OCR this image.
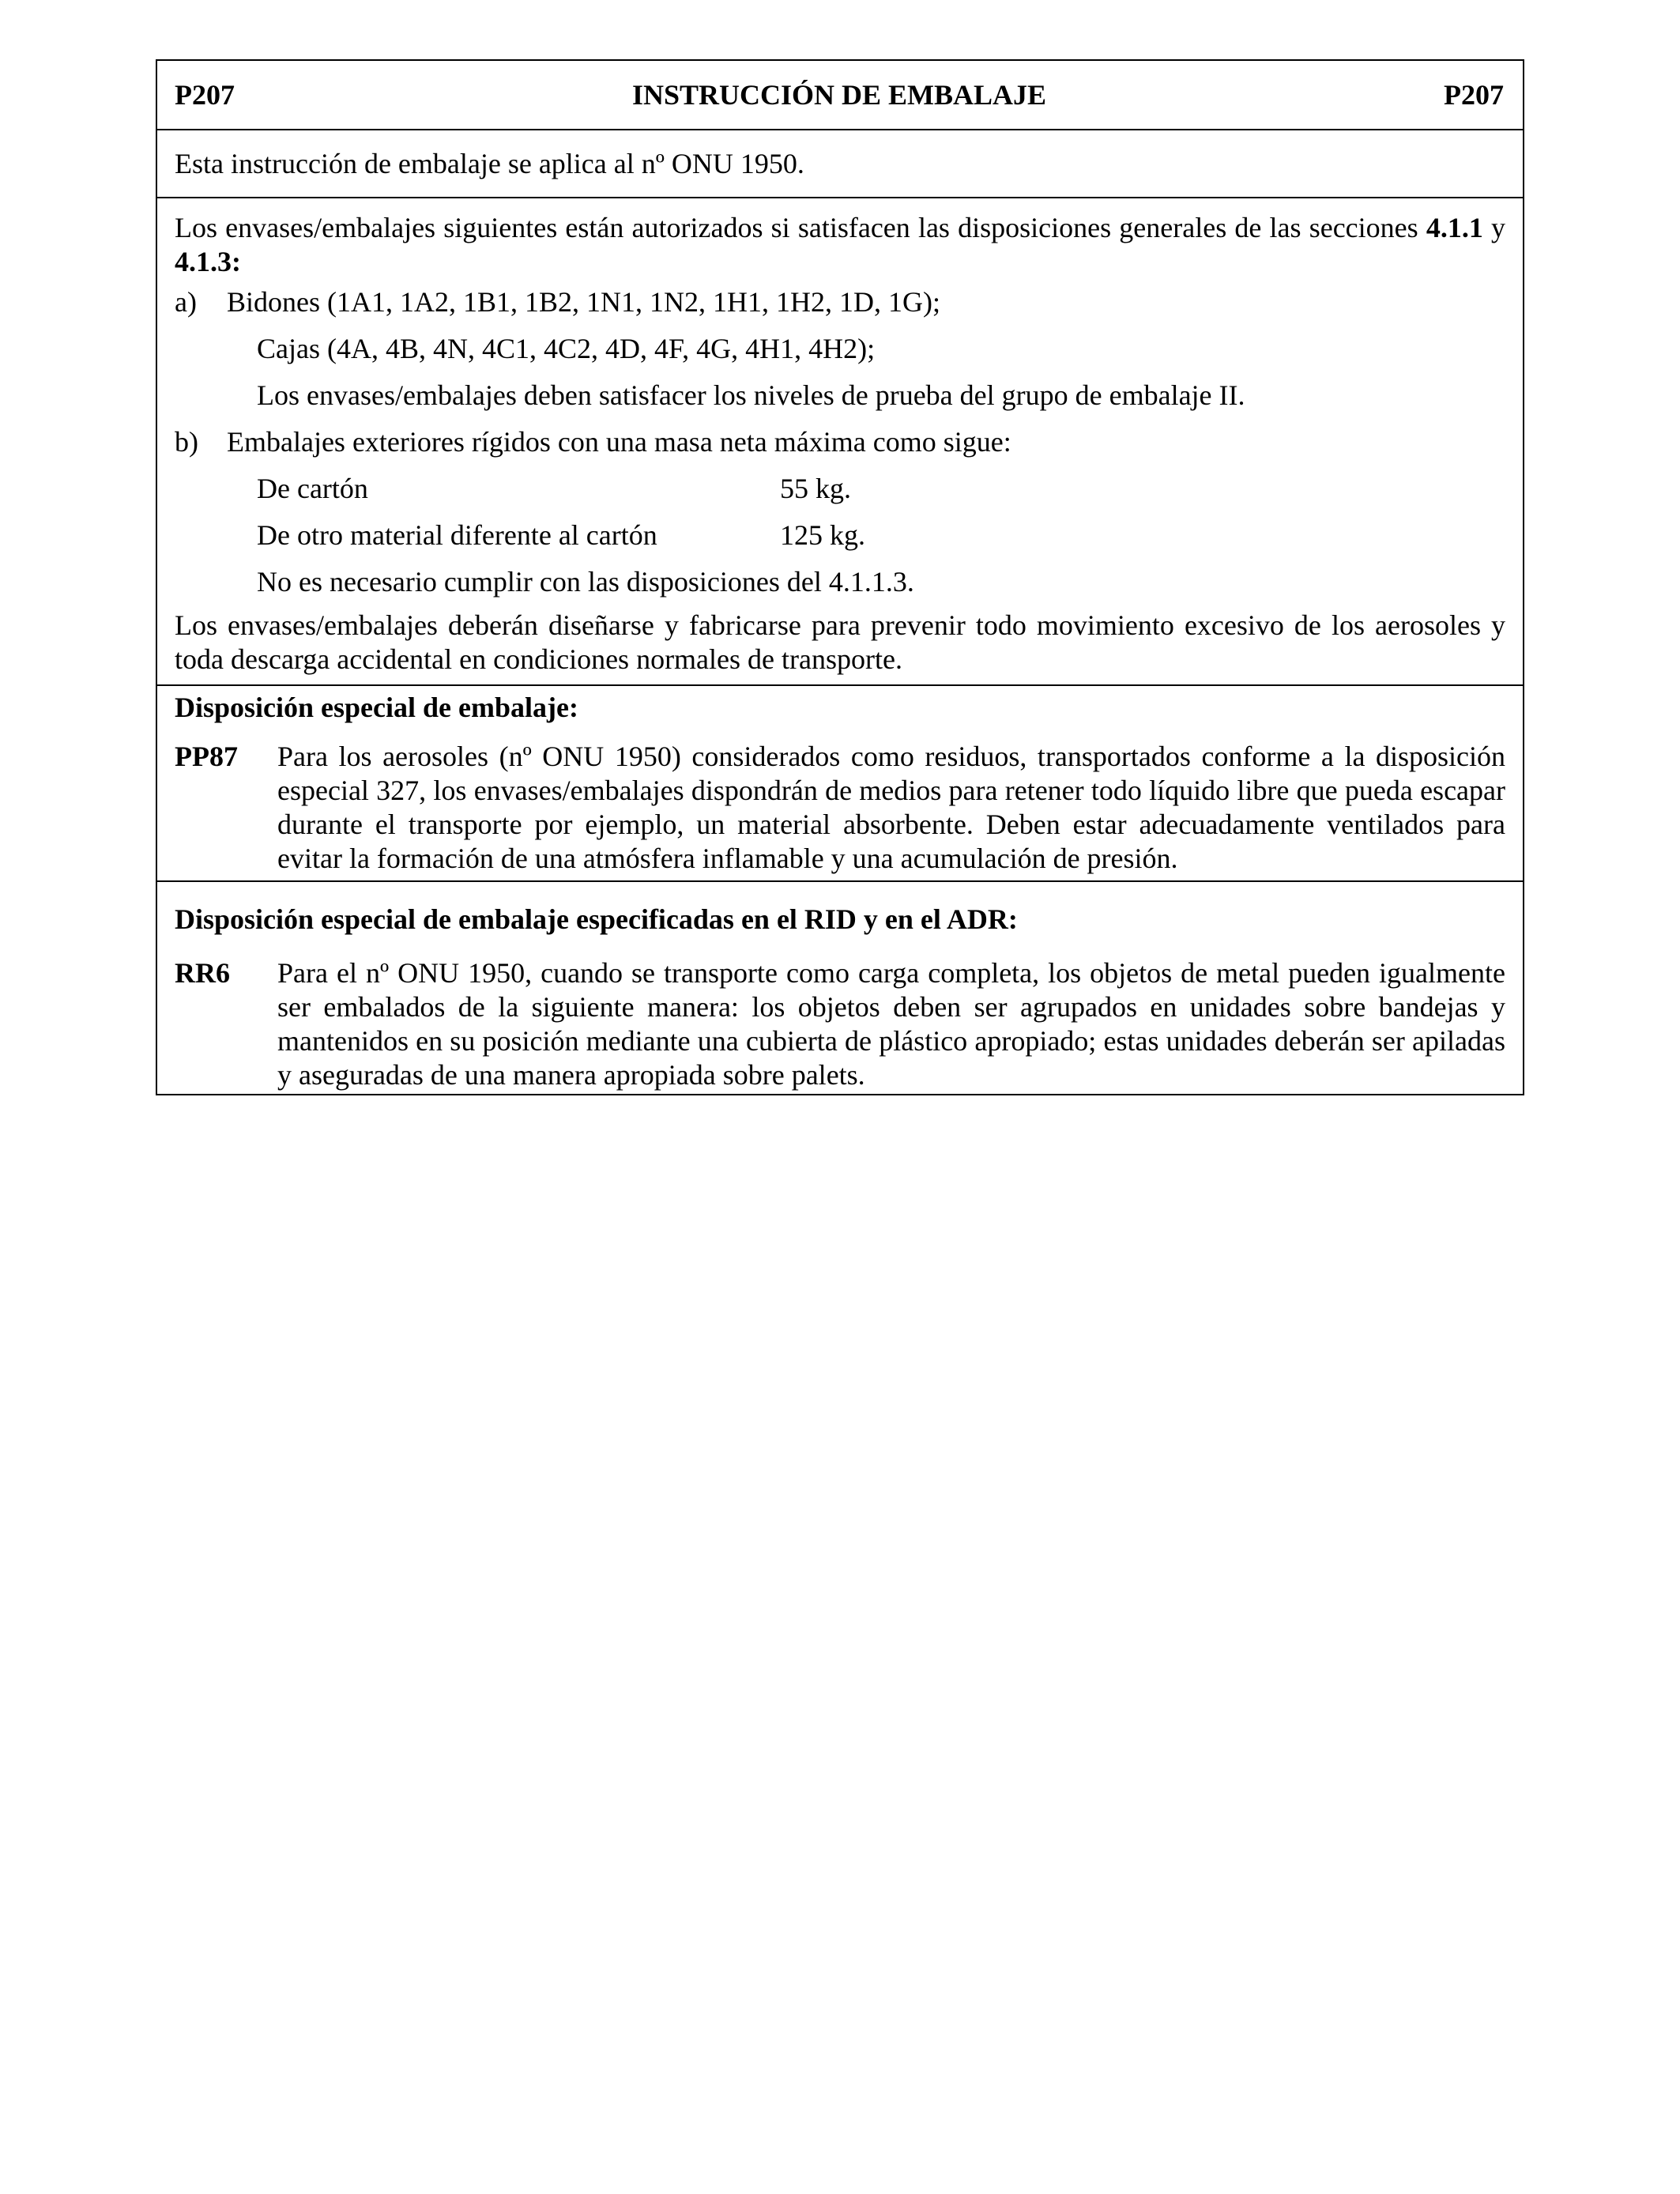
P207	INSTRUCCIÓN DE EMBALAJE	P207
Esta instrucción de embalaje se aplica al nº ONU 1950.
Los envases/embalajes siguientes están autorizados si satisfacen las disposiciones generales de las secciones 4.1.1 y 4.1.3:
a)	Bidones (1A1, 1A2, 1B1, 1B2, 1N1, 1N2, 1H1, 1H2, 1D, 1G);
Cajas (4A, 4B, 4N, 4C1, 4C2, 4D, 4F, 4G, 4H1, 4H2);
Los envases/embalajes deben satisfacer los niveles de prueba del grupo de embalaje II.
b)	Embalajes exteriores rígidos con una masa neta máxima como sigue:
De cartón	55 kg.
De otro material diferente al cartón	125 kg.
No es necesario cumplir con las disposiciones del 4.1.1.3.
Los envases/embalajes deberán diseñarse y fabricarse para prevenir todo movimiento excesivo de los aerosoles y toda descarga accidental en condiciones normales de transporte.
Disposición especial de embalaje:
PP87	Para los aerosoles (nº ONU 1950) considerados como residuos, transportados conforme a la disposición especial 327, los envases/embalajes dispondrán de medios para retener todo líquido libre que pueda escapar durante el transporte por ejemplo, un material absorbente. Deben estar adecuadamente ventilados para evitar la formación de una atmósfera inflamable y una acumulación de presión.
Disposición especial de embalaje especificadas en el RID y en el ADR:
RR6	Para el nº ONU 1950, cuando se transporte como carga completa, los objetos de metal pueden igualmente ser embalados de la siguiente manera: los objetos deben ser agrupados en unidades sobre bandejas y mantenidos en su posición mediante una cubierta de plástico apropiado; estas unidades deberán ser apiladas y aseguradas de una manera apropiada sobre palets.
